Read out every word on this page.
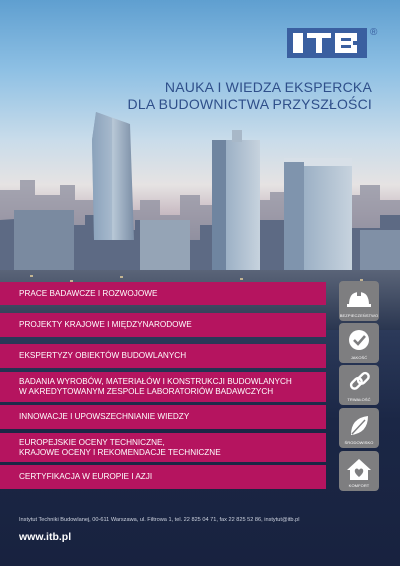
®
NAUKA I WIEDZA EKSPERCKA
DLA BUDOWNICTWA PRZYSZŁOŚCI
PRACE BADAWCZE I ROZWOJOWE
PROJEKTY KRAJOWE I MIĘDZYNARODOWE
EKSPERTYZY OBIEKTÓW BUDOWLANYCH
BADANIA WYROBÓW, MATERIAŁÓW I KONSTRUKCJI BUDOWLANYCH
W AKREDYTOWANYM ZESPOLE LABORATORIÓW BADAWCZYCH
INNOWACJE I UPOWSZECHNIANIE WIEDZY
EUROPEJSKIE OCENY TECHNICZNE,
KRAJOWE OCENY I REKOMENDACJE TECHNICZNE
CERTYFIKACJA W EUROPIE I AZJI
BEZPIECZEŃSTWO
JAKOŚĆ
TRWAŁOŚĆ
ŚRODOWISKO
KOMFORT
Instytut Techniki Budowlanej, 00-611 Warszawa, ul. Filtrowa 1, tel. 22 825 04 71, fax 22 825 52 86, instytut@itb.pl
www.itb.pl
